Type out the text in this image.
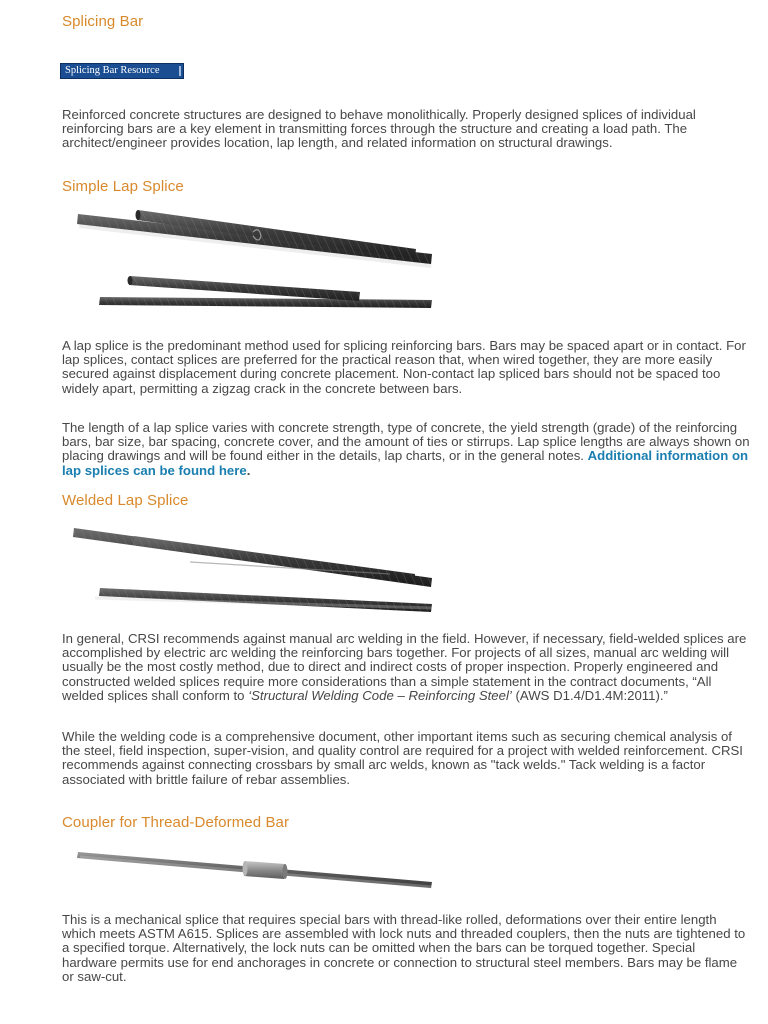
Splicing Bar
Splicing Bar Resource

Reinforced concrete structures are designed to behave monolithically. Properly designed splices of individual reinforcing bars are a key element in transmitting forces through the structure and creating a load path. The architect/engineer provides location, lap length, and related information on structural drawings.

Simple Lap Splice

A lap splice is the predominant method used for splicing reinforcing bars. Bars may be spaced apart or in contact. For lap splices, contact splices are preferred for the practical reason that, when wired together, they are more easily secured against displacement during concrete placement. Non-contact lap spliced bars should not be spaced too widely apart, permitting a zigzag crack in the concrete between bars.

The length of a lap splice varies with concrete strength, type of concrete, the yield strength (grade) of the reinforcing bars, bar size, bar spacing, concrete cover, and the amount of ties or stirrups. Lap splice lengths are always shown on placing drawings and will be found either in the details, lap charts, or in the general notes. Additional information on lap splices can be found here.

Welded Lap Splice

In general, CRSI recommends against manual arc welding in the field. However, if necessary, field-welded splices are accomplished by electric arc welding the reinforcing bars together. For projects of all sizes, manual arc welding will usually be the most costly method, due to direct and indirect costs of proper inspection. Properly engineered and constructed welded splices require more considerations than a simple statement in the contract documents, “All welded splices shall conform to ‘Structural Welding Code – Reinforcing Steel’ (AWS D1.4/D1.4M:2011).”

While the welding code is a comprehensive document, other important items such as securing chemical analysis of the steel, field inspection, super-vision, and quality control are required for a project with welded reinforcement. CRSI recommends against connecting crossbars by small arc welds, known as "tack welds." Tack welding is a factor associated with brittle failure of rebar assemblies.

Coupler for Thread-Deformed Bar

This is a mechanical splice that requires special bars with thread-like rolled, deformations over their entire length which meets ASTM A615. Splices are assembled with lock nuts and threaded couplers, then the nuts are tightened to a specified torque. Alternatively, the lock nuts can be omitted when the bars can be torqued together. Special hardware permits use for end anchorages in concrete or connection to structural steel members. Bars may be flame or saw-cut.
